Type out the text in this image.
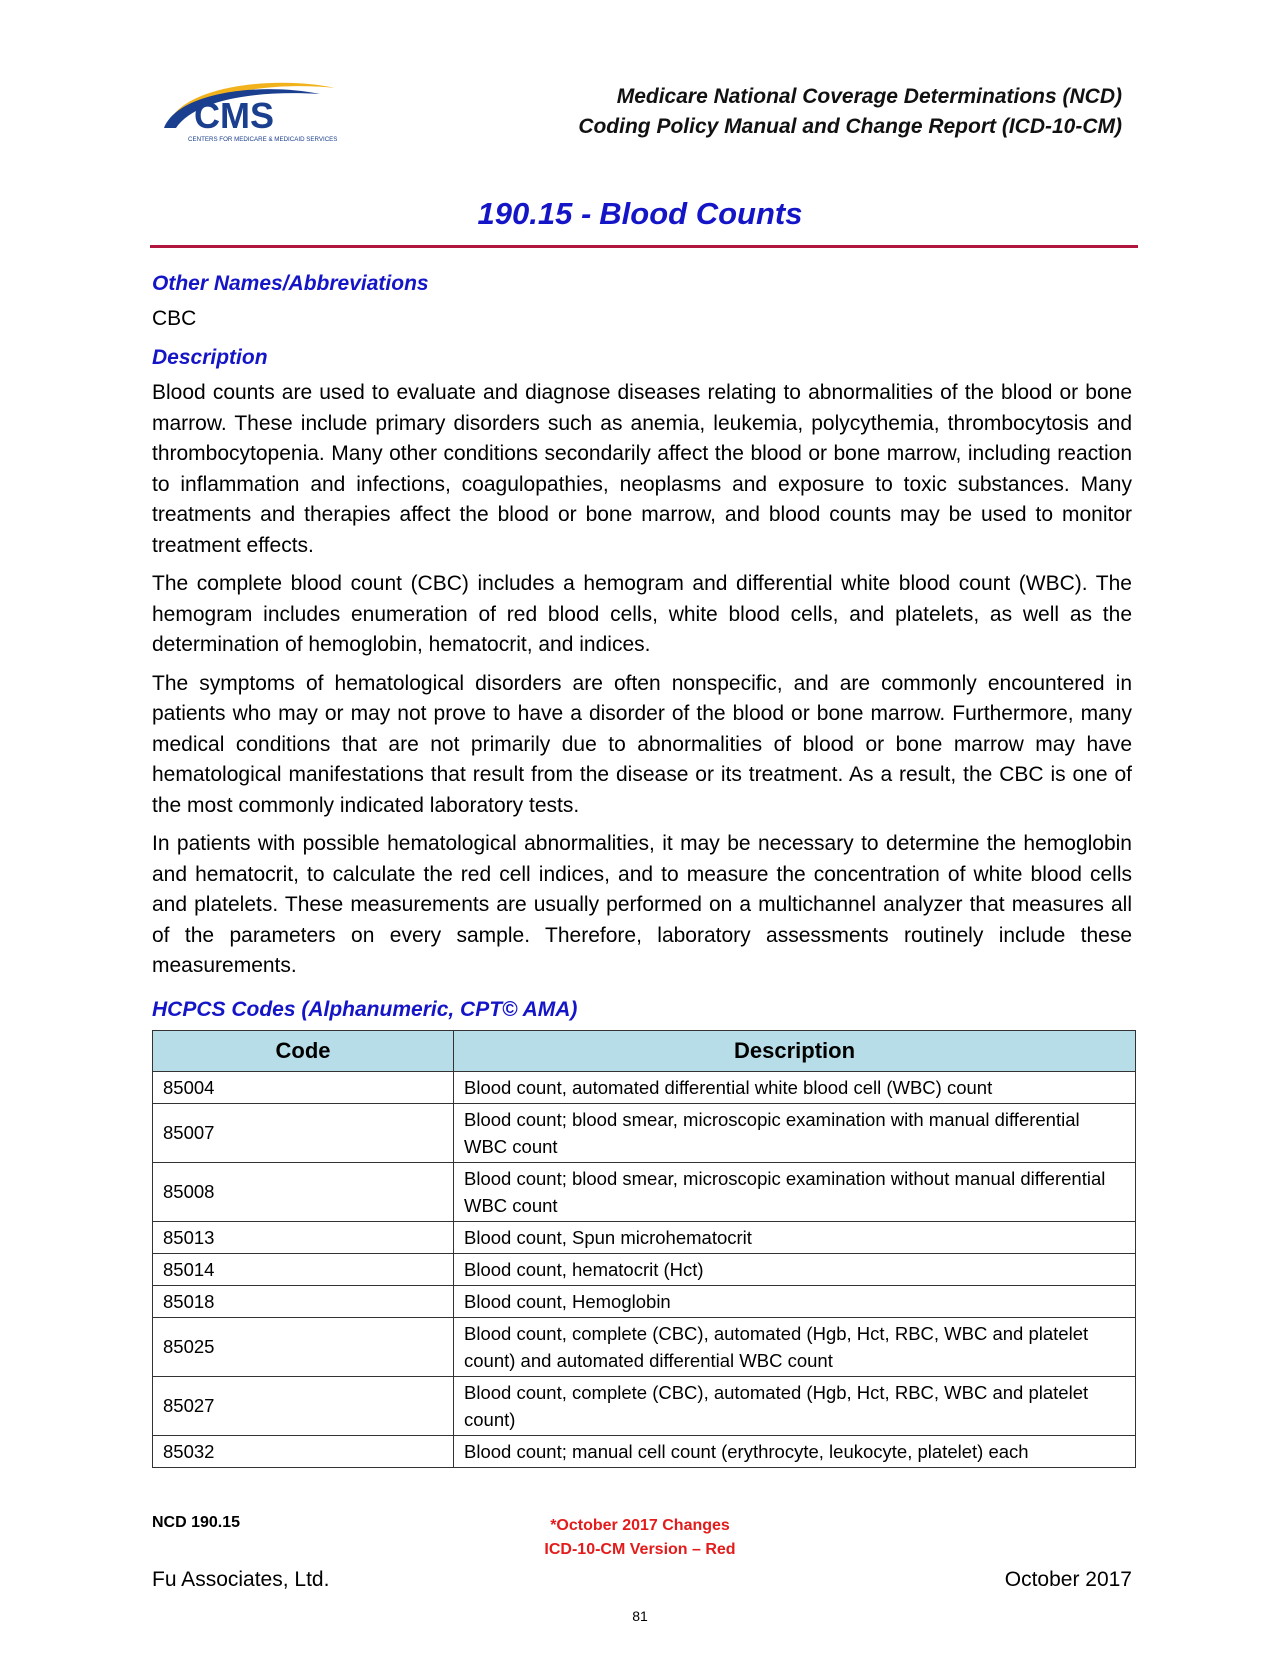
CMS
CENTERS FOR MEDICARE & MEDICAID SERVICES
Medicare National Coverage Determinations (NCD)
Coding Policy Manual and Change Report (ICD-10-CM)
190.15 - Blood Counts
Other Names/Abbreviations
CBC
Description

Blood counts are used to evaluate and diagnose diseases relating to abnormalities of the blood or bone marrow. These include primary disorders such as anemia, leukemia, polycythemia, thrombocytosis and thrombocytopenia. Many other conditions secondarily affect the blood or bone marrow, including reaction to inflammation and infections, coagulopathies, neoplasms and exposure to toxic substances. Many treatments and therapies affect the blood or bone marrow, and blood counts may be used to monitor treatment effects.

The complete blood count (CBC) includes a hemogram and differential white blood count (WBC). The hemogram includes enumeration of red blood cells, white blood cells, and platelets, as well as the determination of hemoglobin, hematocrit, and indices.

The symptoms of hematological disorders are often nonspecific, and are commonly encountered in patients who may or may not prove to have a disorder of the blood or bone marrow. Furthermore, many medical conditions that are not primarily due to abnormalities of blood or bone marrow may have hematological manifestations that result from the disease or its treatment. As a result, the CBC is one of the most commonly indicated laboratory tests.

In patients with possible hematological abnormalities, it may be necessary to determine the hemoglobin and hematocrit, to calculate the red cell indices, and to measure the concentration of white blood cells and platelets. These measurements are usually performed on a multichannel analyzer that measures all of the parameters on every sample. Therefore, laboratory assessments routinely include these measurements.

HCPCS Codes (Alphanumeric, CPT© AMA)
Code	Description
85004	Blood count, automated differential white blood cell (WBC) count
85007	Blood count; blood smear, microscopic examination with manual differential WBC count
85008	Blood count; blood smear, microscopic examination without manual differential WBC count
85013	Blood count, Spun microhematocrit
85014	Blood count, hematocrit (Hct)
85018	Blood count, Hemoglobin
85025	Blood count, complete (CBC), automated (Hgb, Hct, RBC, WBC and platelet count) and automated differential WBC count
85027	Blood count, complete (CBC), automated (Hgb, Hct, RBC, WBC and platelet count)
85032	Blood count; manual cell count (erythrocyte, leukocyte, platelet) each
NCD 190.15	*October 2017 Changes
ICD-10-CM Version – Red
Fu Associates, Ltd.	October 2017
81
